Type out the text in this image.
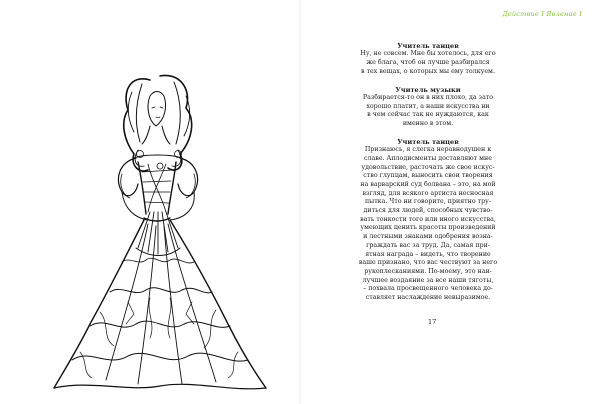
Действие I Явление I

Учитель танцев

Ну, не совсем. Мне бы хотелось, для его
же блага, чтоб он лучше разбирался
в тех вещах, о которых мы ему толкуем.

Учитель музыки

Разбирается-то он в них плохо, да зато
хорошо платит, а наши искусства ни
в чем сейчас так не нуждаются, как
именно в этом.

Учитель танцев

Признаюсь, я слегка неравнодушен к
славе. Аплодисменты доставляют мне
удовольствие, расточать же свое искус-
ство глупцам, выносить свои творения
на варварский суд болвана – это, на мой
взгляд, для всякого артиста несносная
пытка. Что ни говорите, приятно тру-
диться для людей, способных чувство-
вать тонкости того или иного искусства,
умеющих ценить красоты произведений
и лестными знаками одобрения возна-
граждать вас за труд. Да, самая при-
ятная награда – видеть, что творение
ваше признано, что вас чествуют за него
рукоплесканиями. По-моему, это наи-
лучшее воздаяние за все наши тяготы,
– похвала просвещенного человека до-
ставляет наслаждение невыразимое.

17
